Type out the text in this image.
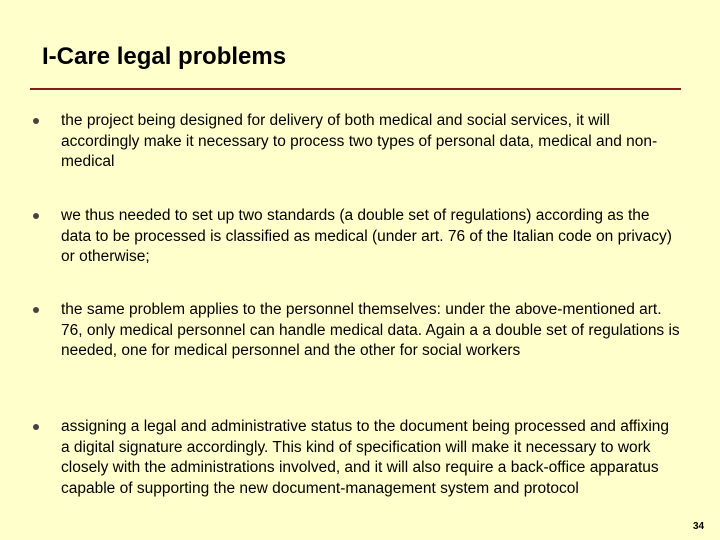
I-Care legal problems

the project being designed for delivery of both medical and social services, it will accordingly make it necessary to process two types of personal data, medical and non-medical

we thus needed to set up two standards (a double set of regulations) according as the data to be processed is classified as medical (under art. 76 of the Italian code on privacy) or otherwise;

the same problem applies to the personnel themselves: under the above-mentioned art. 76, only medical personnel can handle medical data. Again a a double set of regulations is needed, one for medical personnel and the other for social workers

assigning a legal and administrative status to the document being processed and affixing a digital signature accordingly. This kind of specification will make it necessary to work closely with the administrations involved, and it will also require a back-office apparatus capable of supporting the new document-management system and protocol

34
